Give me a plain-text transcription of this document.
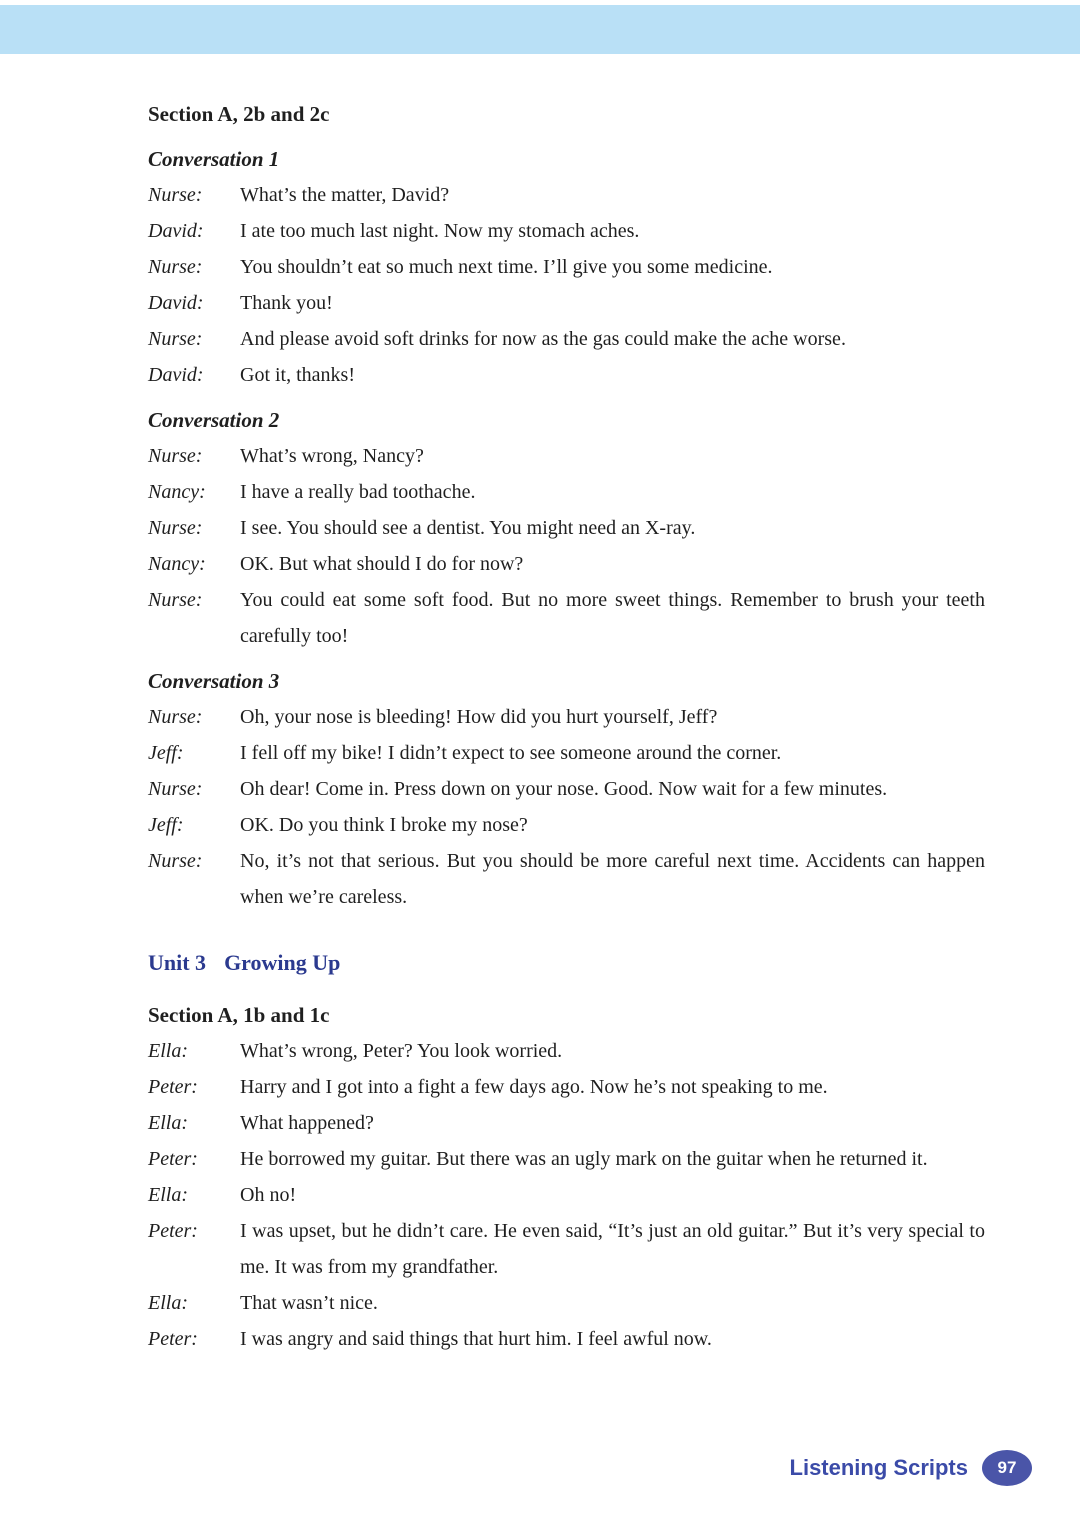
Section A, 2b and 2c
Conversation 1
Nurse:	What’s the matter, David?
David:	I ate too much last night. Now my stomach aches.
Nurse:	You shouldn’t eat so much next time. I’ll give you some medicine.
David:	Thank you!
Nurse:	And please avoid soft drinks for now as the gas could make the ache worse.
David:	Got it, thanks!
Conversation 2
Nurse:	What’s wrong, Nancy?
Nancy:	I have a really bad toothache.
Nurse:	I see. You should see a dentist. You might need an X-ray.
Nancy:	OK. But what should I do for now?
Nurse:	You could eat some soft food. But no more sweet things. Remember to brush your teeth carefully too!
Conversation 3
Nurse:	Oh, your nose is bleeding! How did you hurt yourself, Jeff?
Jeff:	I fell off my bike! I didn’t expect to see someone around the corner.
Nurse:	Oh dear! Come in. Press down on your nose. Good. Now wait for a few minutes.
Jeff:	OK. Do you think I broke my nose?
Nurse:	No, it’s not that serious. But you should be more careful next time. Accidents can happen when we’re careless.
Unit 3 Growing Up
Section A, 1b and 1c
Ella:	What’s wrong, Peter? You look worried.
Peter:	Harry and I got into a fight a few days ago. Now he’s not speaking to me.
Ella:	What happened?
Peter:	He borrowed my guitar. But there was an ugly mark on the guitar when he returned it.
Ella:	Oh no!
Peter:	I was upset, but he didn’t care. He even said, “It’s just an old guitar.” But it’s very special to me. It was from my grandfather.
Ella:	That wasn’t nice.
Peter:	I was angry and said things that hurt him. I feel awful now.
Listening Scripts	97
